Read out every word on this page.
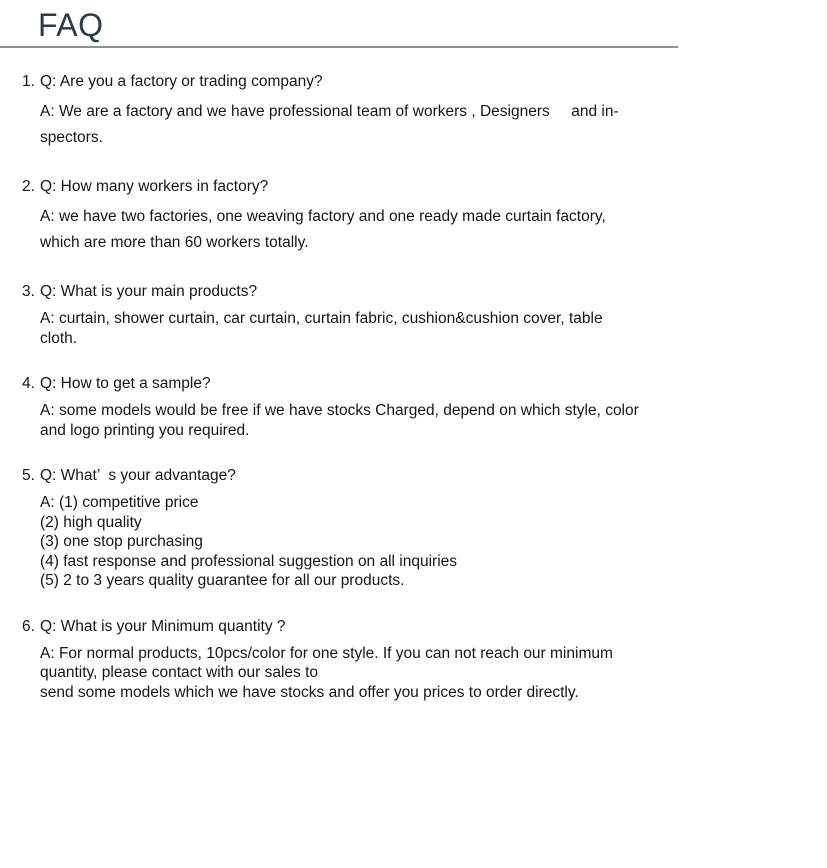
FAQ
1. Q: Are you a factory or trading company?
A: We are a factory and we have professional team of workers , Designers     and in-
spectors.
2. Q: How many workers in factory?
A: we have two factories, one weaving factory and one ready made curtain factory,
which are more than 60 workers totally.
3. Q: What is your main products?
A: curtain, shower curtain, car curtain, curtain fabric, cushion&cushion cover, table
cloth.
4. Q: How to get a sample?
A: some models would be free if we have stocks Charged, depend on which style, color
and logo printing you required.
5. Q: What’  s your advantage?
A: (1) competitive price
(2) high quality
(3) one stop purchasing
(4) fast response and professional suggestion on all inquiries
(5) 2 to 3 years quality guarantee for all our products.
6. Q: What is your Minimum quantity ?
A: For normal products, 10pcs/color for one style. If you can not reach our minimum
quantity, please contact with our sales to
send some models which we have stocks and offer you prices to order directly.
